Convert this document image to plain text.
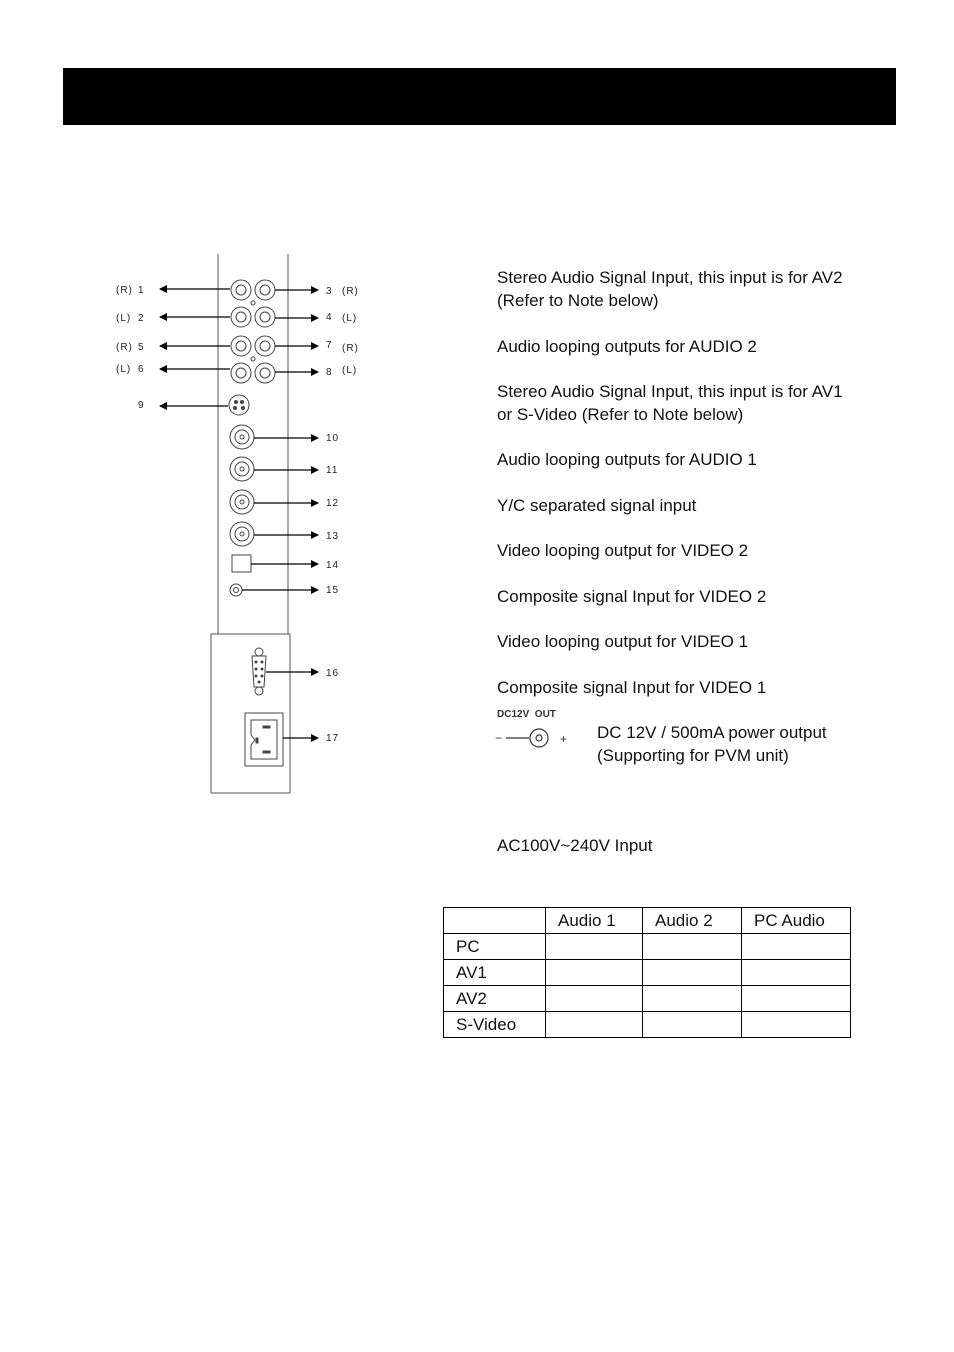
(R) 1
(L) 2
(R) 5
(L) 6
9
3 (R)
4 (L)
7 (R)
8 (L)
10
11
12
13
14
15
16
17
Stereo Audio Signal Input, this input is for AV2
(Refer to Note below)
Audio looping outputs for AUDIO 2
Stereo Audio Signal Input, this input is for AV1
or S-Video (Refer to Note below)
Audio looping outputs for AUDIO 1
Y/C separated signal input
Video looping output for VIDEO 2
Composite signal Input for VIDEO 2
Video looping output for VIDEO 1
Composite signal Input for VIDEO 1
DC12V  OUT
−	+ DC 12V / 500mA power output
(Supporting for PVM unit)
AC100V~240V Input
	Audio 1	Audio 2	PC Audio
PC			
AV1			
AV2			
S-Video			
